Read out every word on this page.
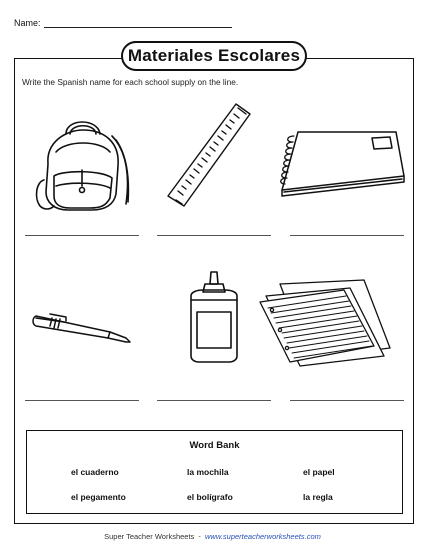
Name:
Materiales Escolares
Write the Spanish name for each school supply on the line.
Word Bank
el cuaderno	la mochila	el papel
el pegamento	el bolígrafo	la regla
Super Teacher Worksheets - www.superteacherworksheets.com
